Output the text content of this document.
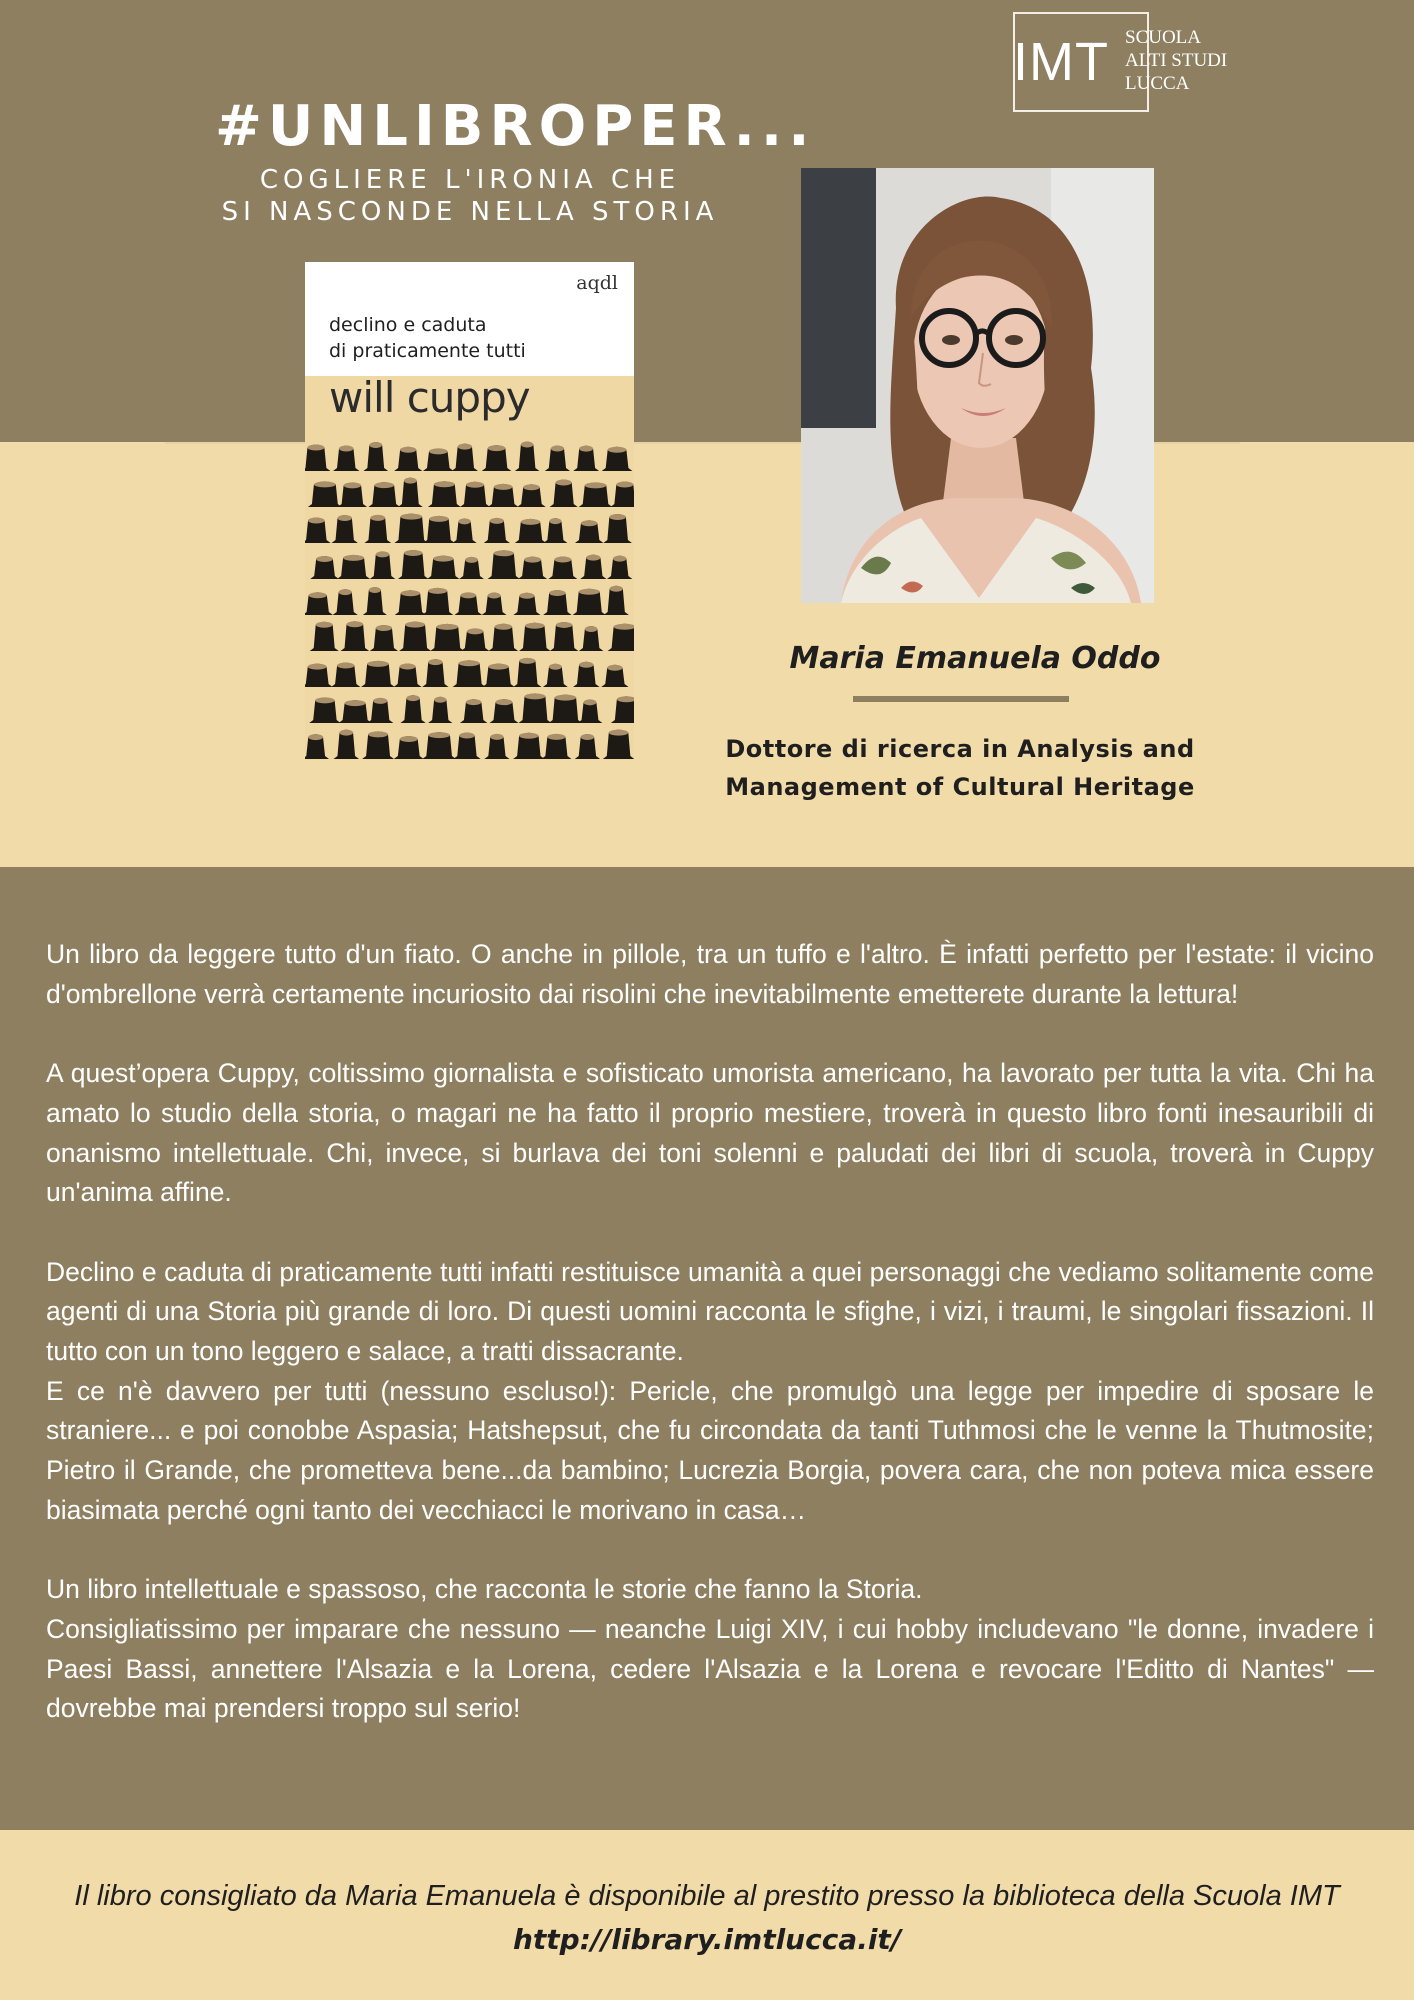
IMT SCUOLA
ALTI STUDI
LUCCA
#UNLIBROPER...
COGLIERE L'IRONIA CHE
SI NASCONDE NELLA STORIA
aqdl
declino e caduta
di praticamente tutti
will cuppy
Maria Emanuela Oddo
Dottore di ricerca in Analysis and
Management of Cultural Heritage

Un libro da leggere tutto d'un fiato. O anche in pillole, tra un tuffo e l'altro. È infatti perfetto per l'estate: il vicino d'ombrellone verrà certamente incuriosito dai risolini che inevitabilmente emetterete durante la lettura!

A quest’opera Cuppy, coltissimo giornalista e sofisticato umorista americano, ha lavorato per tutta la vita. Chi ha amato lo studio della storia, o magari ne ha fatto il proprio mestiere, troverà in questo libro fonti inesauribili di onanismo intellettuale. Chi, invece, si burlava dei toni solenni e paludati dei libri di scuola, troverà in Cuppy un'anima affine.

Declino e caduta di praticamente tutti infatti restituisce umanità a quei personaggi che vediamo solitamente come agenti di una Storia più grande di loro. Di questi uomini racconta le sfighe, i vizi, i traumi, le singolari fissazioni. Il tutto con un tono leggero e salace, a tratti dissacrante.

E ce n'è davvero per tutti (nessuno escluso!): Pericle, che promulgò una legge per impedire di sposare le straniere... e poi conobbe Aspasia; Hatshepsut, che fu circondata da tanti Tuthmosi che le venne la Thutmosite; Pietro il Grande, che prometteva bene...da bambino; Lucrezia Borgia, povera cara, che non poteva mica essere biasimata perché ogni tanto dei vecchiacci le morivano in casa…

Un libro intellettuale e spassoso, che racconta le storie che fanno la Storia.

Consigliatissimo per imparare che nessuno — neanche Luigi XIV, i cui hobby includevano "le donne, invadere i Paesi Bassi, annettere l'Alsazia e la Lorena, cedere l'Alsazia e la Lorena e revocare l'Editto di Nantes" — dovrebbe mai prendersi troppo sul serio!

Il libro consigliato da Maria Emanuela è disponibile al prestito presso la biblioteca della Scuola IMT
http://library.imtlucca.it/
